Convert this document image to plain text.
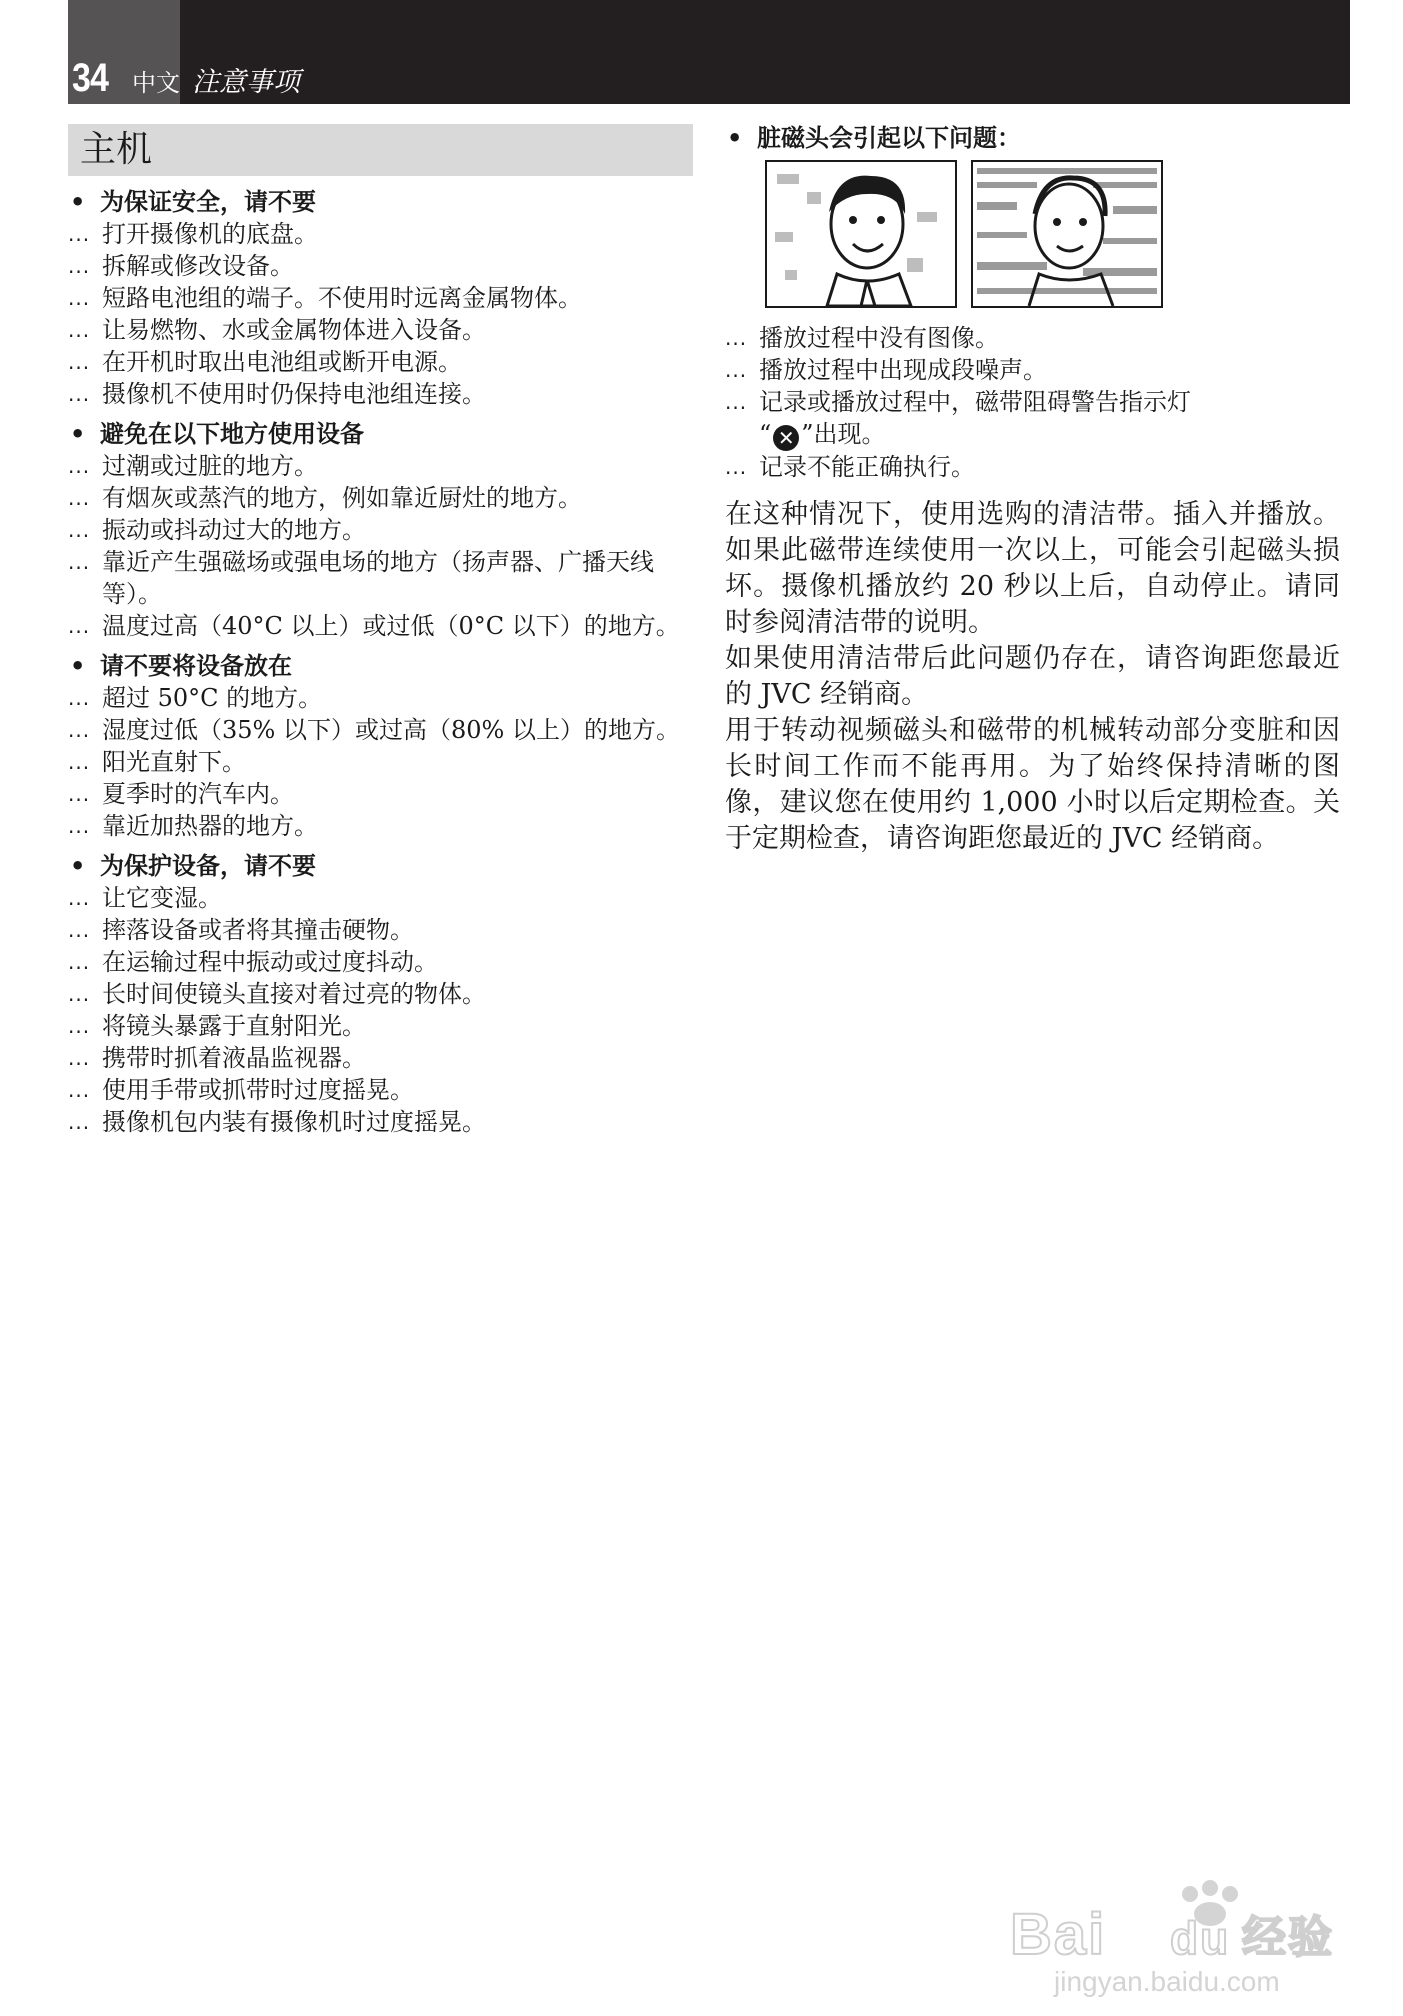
34 中文 注意事项
主机
• 为保证安全，请不要
... 打开摄像机的底盘。
... 拆解或修改设备。
... 短路电池组的端子。不使用时远离金属物体。
... 让易燃物、水或金属物体进入设备。
... 在开机时取出电池组或断开电源。
... 摄像机不使用时仍保持电池组连接。
• 避免在以下地方使用设备
... 过潮或过脏的地方。
... 有烟灰或蒸汽的地方，例如靠近厨灶的地方。
... 振动或抖动过大的地方。
... 靠近产生强磁场或强电场的地方（扬声器、广播天线等）。
... 温度过高（40°C 以上）或过低（0°C 以下）的地方。
• 请不要将设备放在
... 超过 50°C 的地方。
... 湿度过低（35% 以下）或过高（80% 以上）的地方。
... 阳光直射下。
... 夏季时的汽车内。
... 靠近加热器的地方。
• 为保护设备，请不要
... 让它变湿。
... 摔落设备或者将其撞击硬物。
... 在运输过程中振动或过度抖动。
... 长时间使镜头直接对着过亮的物体。
... 将镜头暴露于直射阳光。
... 携带时抓着液晶监视器。
... 使用手带或抓带时过度摇晃。
... 摄像机包内装有摄像机时过度摇晃。
• 脏磁头会引起以下问题：
... 播放过程中没有图像。
... 播放过程中出现成段噪声。
... 记录或播放过程中，磁带阻碍警告指示灯
“ ✕ ”出现。
... 记录不能正确执行。
在这种情况下，使用选购的清洁带。插入并播放。如果此磁带连续使用一次以上，可能会引起磁头损坏。摄像机播放约 20 秒以上后，自动停止。请同时参阅清洁带的说明。
如果使用清洁带后此问题仍存在，请咨询距您最近的 JVC 经销商。
用于转动视频磁头和磁带的机械转动部分变脏和因长时间工作而不能再用。为了始终保持清晰的图像，建议您在使用约 1,000 小时以后定期检查。关于定期检查，请咨询距您最近的 JVC 经销商。
Bai du 经验
jingyan.baidu.com
